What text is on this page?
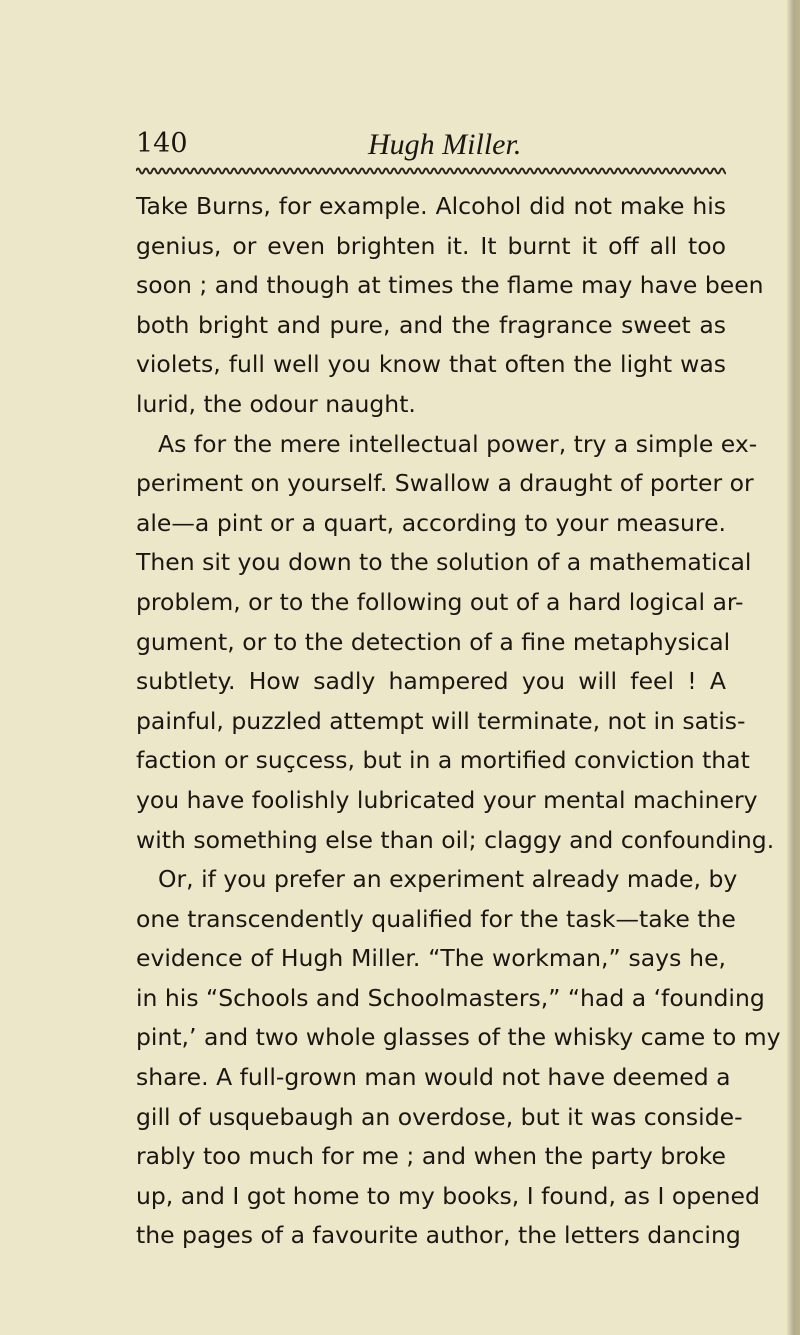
140	Hugh Miller.
Take Burns, for example. Alcohol did not make his
genius, or even brighten it. It burnt it off all too
soon ; and though at times the flame may have been
both bright and pure, and the fragrance sweet as
violets, full well you know that often the light was
lurid, the odour naught.
As for the mere intellectual power, try a simple ex-
periment on yourself. Swallow a draught of porter or
ale—a pint or a quart, according to your measure.
Then sit you down to the solution of a mathematical
problem, or to the following out of a hard logical ar-
gument, or to the detection of a fine metaphysical
subtlety. How sadly hampered you will feel ! A
painful, puzzled attempt will terminate, not in satis-
faction or suçcess, but in a mortified conviction that
you have foolishly lubricated your mental machinery
with something else than oil; claggy and confounding.
Or, if you prefer an experiment already made, by
one transcendently qualified for the task—take the
evidence of Hugh Miller. “The workman,” says he,
in his “Schools and Schoolmasters,” “had a ‘founding
pint,’ and two whole glasses of the whisky came to my
share. A full-grown man would not have deemed a
gill of usquebaugh an overdose, but it was conside-
rably too much for me ; and when the party broke
up, and I got home to my books, I found, as I opened
the pages of a favourite author, the letters dancing
